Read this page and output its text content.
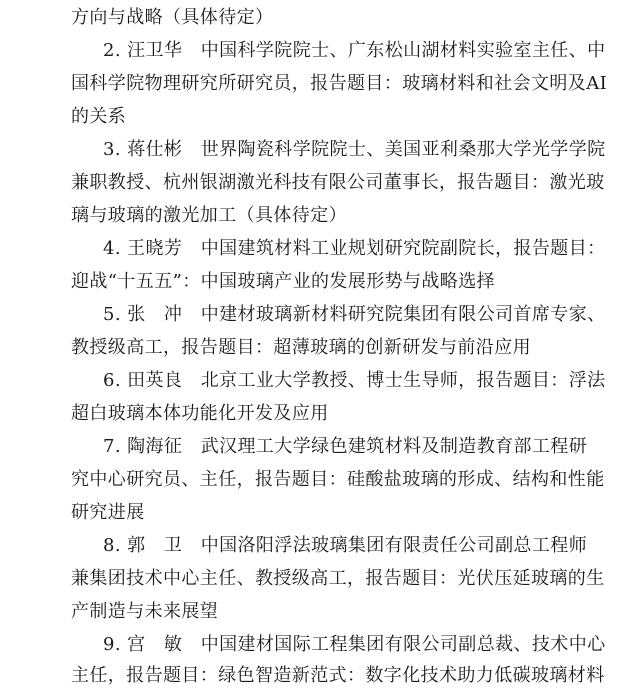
方向与战略（具体待定）
2. 汪卫华　中国科学院院士、广东松山湖材料实验室主任、中
国科学院物理研究所研究员，报告题目：玻璃材料和社会文明及AI
的关系
3. 蒋仕彬　世界陶瓷科学院院士、美国亚利桑那大学光学学院
兼职教授、杭州银湖激光科技有限公司董事长，报告题目：激光玻
璃与玻璃的激光加工（具体待定）
4. 王晓芳　中国建筑材料工业规划研究院副院长，报告题目：
迎战“十五五”：中国玻璃产业的发展形势与战略选择
5. 张　冲　中建材玻璃新材料研究院集团有限公司首席专家、
教授级高工，报告题目：超薄玻璃的创新研发与前沿应用
6. 田英良　北京工业大学教授、博士生导师，报告题目：浮法
超白玻璃本体功能化开发及应用
7. 陶海征　武汉理工大学绿色建筑材料及制造教育部工程研
究中心研究员、主任，报告题目：硅酸盐玻璃的形成、结构和性能
研究进展
8. 郭　卫　中国洛阳浮法玻璃集团有限责任公司副总工程师
兼集团技术中心主任、教授级高工，报告题目：光伏压延玻璃的生
产制造与未来展望
9. 宫　敏　中国建材国际工程集团有限公司副总裁、技术中心
主任，报告题目：绿色智造新范式：数字化技术助力低碳玻璃材料
